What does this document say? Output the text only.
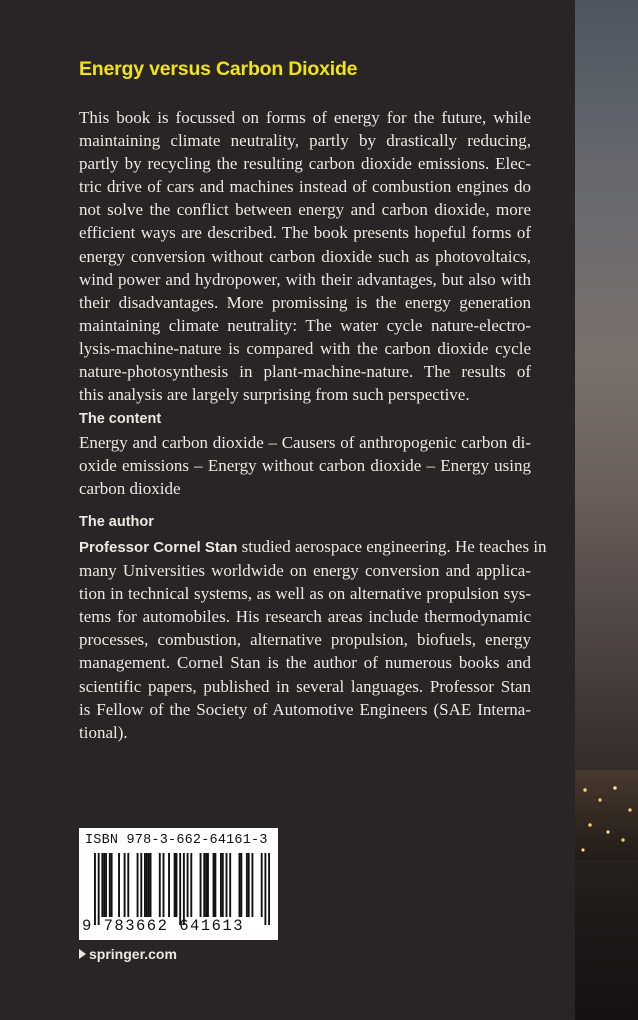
Energy versus Carbon Dioxide
This book is focussed on forms of energy for the future, while
maintaining climate neutrality, partly by drastically reducing,
partly by recycling the resulting carbon dioxide emissions. Elec-
tric drive of cars and machines instead of combustion engines do
not solve the conflict between energy and carbon dioxide, more
efficient ways are described. The book presents hopeful forms of
energy conversion without carbon dioxide such as photovoltaics,
wind power and hydropower, with their advantages, but also with
their disadvantages. More promissing is the energy generation
maintaining climate neutrality: The water cycle nature-electro-
lysis-machine-nature is compared with the carbon dioxide cycle
nature-photosynthesis in plant-machine-nature. The results of
this analysis are largely surprising from such perspective.
The content
Energy and carbon dioxide – Causers of anthropogenic carbon di-
oxide emissions – Energy without carbon dioxide – Energy using
carbon dioxide
The author
Professor Cornel Stan studied aerospace engineering. He teaches in
many Universities worldwide on energy conversion and applica-
tion in technical systems, as well as on alternative propulsion sys-
tems for automobiles. His research areas include thermodynamic
processes, combustion, alternative propulsion, biofuels, energy
management. Cornel Stan is the author of numerous books and
scientific papers, published in several languages. Professor Stan
is Fellow of the Society of Automotive Engineers (SAE Interna-
tional).
ISBN 978-3-662-64161-3
9 783662 641613
springer.com
